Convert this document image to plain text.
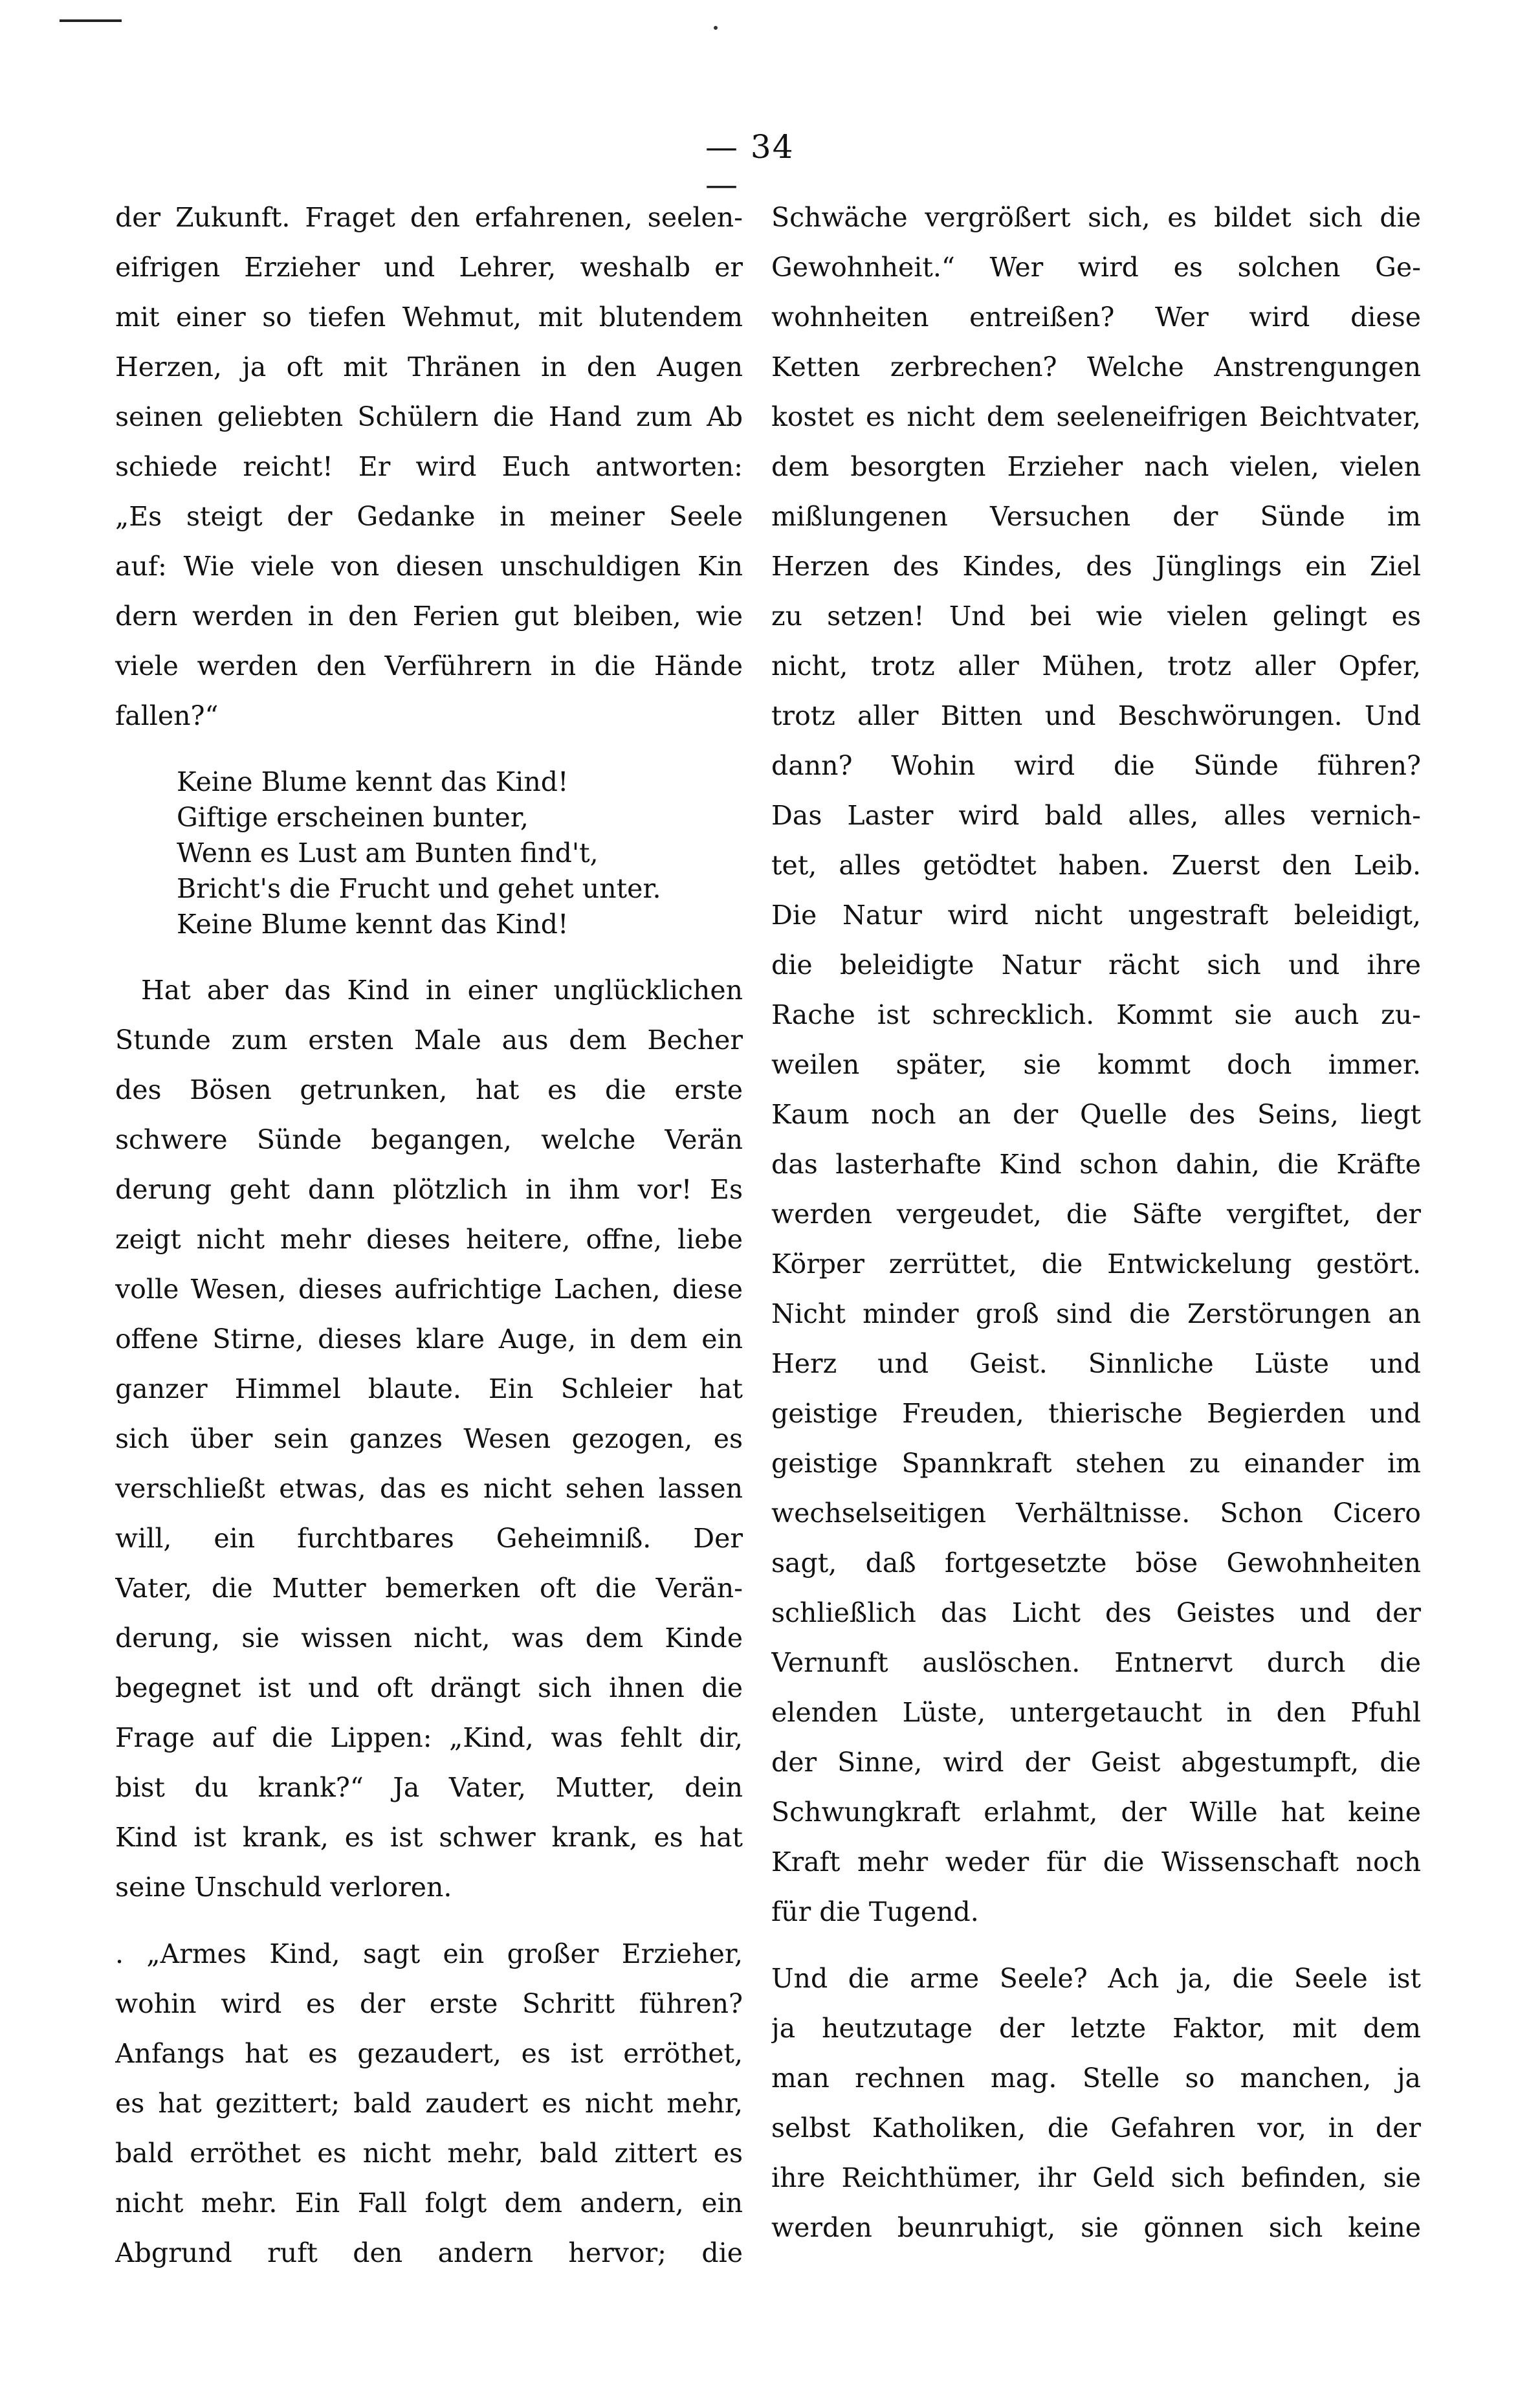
— 34 —
der Zukunft. Fraget den erfahrenen, seelen-
eifrigen Erzieher und Lehrer, weshalb er
mit einer so tiefen Wehmut, mit blutendem
Herzen, ja oft mit Thränen in den Augen
seinen geliebten Schülern die Hand zum Ab
schiede reicht! Er wird Euch antworten:
„Es steigt der Gedanke in meiner Seele
auf: Wie viele von diesen unschuldigen Kin
dern werden in den Ferien gut bleiben, wie
viele werden den Verführern in die Hände
fallen?“
Keine Blume kennt das Kind!
Giftige erscheinen bunter,
Wenn es Lust am Bunten find't,
Bricht's die Frucht und gehet unter.
Keine Blume kennt das Kind!
Hat aber das Kind in einer unglücklichen
Stunde zum ersten Male aus dem Becher
des Bösen getrunken, hat es die erste
schwere Sünde begangen, welche Verän
derung geht dann plötzlich in ihm vor! Es
zeigt nicht mehr dieses heitere, offne, liebe
volle Wesen, dieses aufrichtige Lachen, diese
offene Stirne, dieses klare Auge, in dem ein
ganzer Himmel blaute. Ein Schleier hat
sich über sein ganzes Wesen gezogen, es
verschließt etwas, das es nicht sehen lassen
will, ein furchtbares Geheimniß. Der
Vater, die Mutter bemerken oft die Verän-
derung, sie wissen nicht, was dem Kinde
begegnet ist und oft drängt sich ihnen die
Frage auf die Lippen: „Kind, was fehlt dir,
bist du krank?“ Ja Vater, Mutter, dein
Kind ist krank, es ist schwer krank, es hat
seine Unschuld verloren.
. „Armes Kind, sagt ein großer Erzieher,
wohin wird es der erste Schritt führen?
Anfangs hat es gezaudert, es ist erröthet,
es hat gezittert; bald zaudert es nicht mehr,
bald erröthet es nicht mehr, bald zittert es
nicht mehr. Ein Fall folgt dem andern, ein
Abgrund ruft den andern hervor; die
Schwäche vergrößert sich, es bildet sich die
Gewohnheit.“ Wer wird es solchen Ge-
wohnheiten entreißen? Wer wird diese
Ketten zerbrechen? Welche Anstrengungen
kostet es nicht dem seeleneifrigen Beichtvater,
dem besorgten Erzieher nach vielen, vielen
mißlungenen Versuchen der Sünde im
Herzen des Kindes, des Jünglings ein Ziel
zu setzen! Und bei wie vielen gelingt es
nicht, trotz aller Mühen, trotz aller Opfer,
trotz aller Bitten und Beschwörungen. Und
dann? Wohin wird die Sünde führen?
Das Laster wird bald alles, alles vernich-
tet, alles getödtet haben. Zuerst den Leib.
Die Natur wird nicht ungestraft beleidigt,
die beleidigte Natur rächt sich und ihre
Rache ist schrecklich. Kommt sie auch zu-
weilen später, sie kommt doch immer.
Kaum noch an der Quelle des Seins, liegt
das lasterhafte Kind schon dahin, die Kräfte
werden vergeudet, die Säfte vergiftet, der
Körper zerrüttet, die Entwickelung gestört.
Nicht minder groß sind die Zerstörungen an
Herz und Geist. Sinnliche Lüste und
geistige Freuden, thierische Begierden und
geistige Spannkraft stehen zu einander im
wechselseitigen Verhältnisse. Schon Cicero
sagt, daß fortgesetzte böse Gewohnheiten
schließlich das Licht des Geistes und der
Vernunft auslöschen. Entnervt durch die
elenden Lüste, untergetaucht in den Pfuhl
der Sinne, wird der Geist abgestumpft, die
Schwungkraft erlahmt, der Wille hat keine
Kraft mehr weder für die Wissenschaft noch
für die Tugend.
Und die arme Seele? Ach ja, die Seele ist
ja heutzutage der letzte Faktor, mit dem
man rechnen mag. Stelle so manchen, ja
selbst Katholiken, die Gefahren vor, in der
ihre Reichthümer, ihr Geld sich befinden, sie
werden beunruhigt, sie gönnen sich keine
